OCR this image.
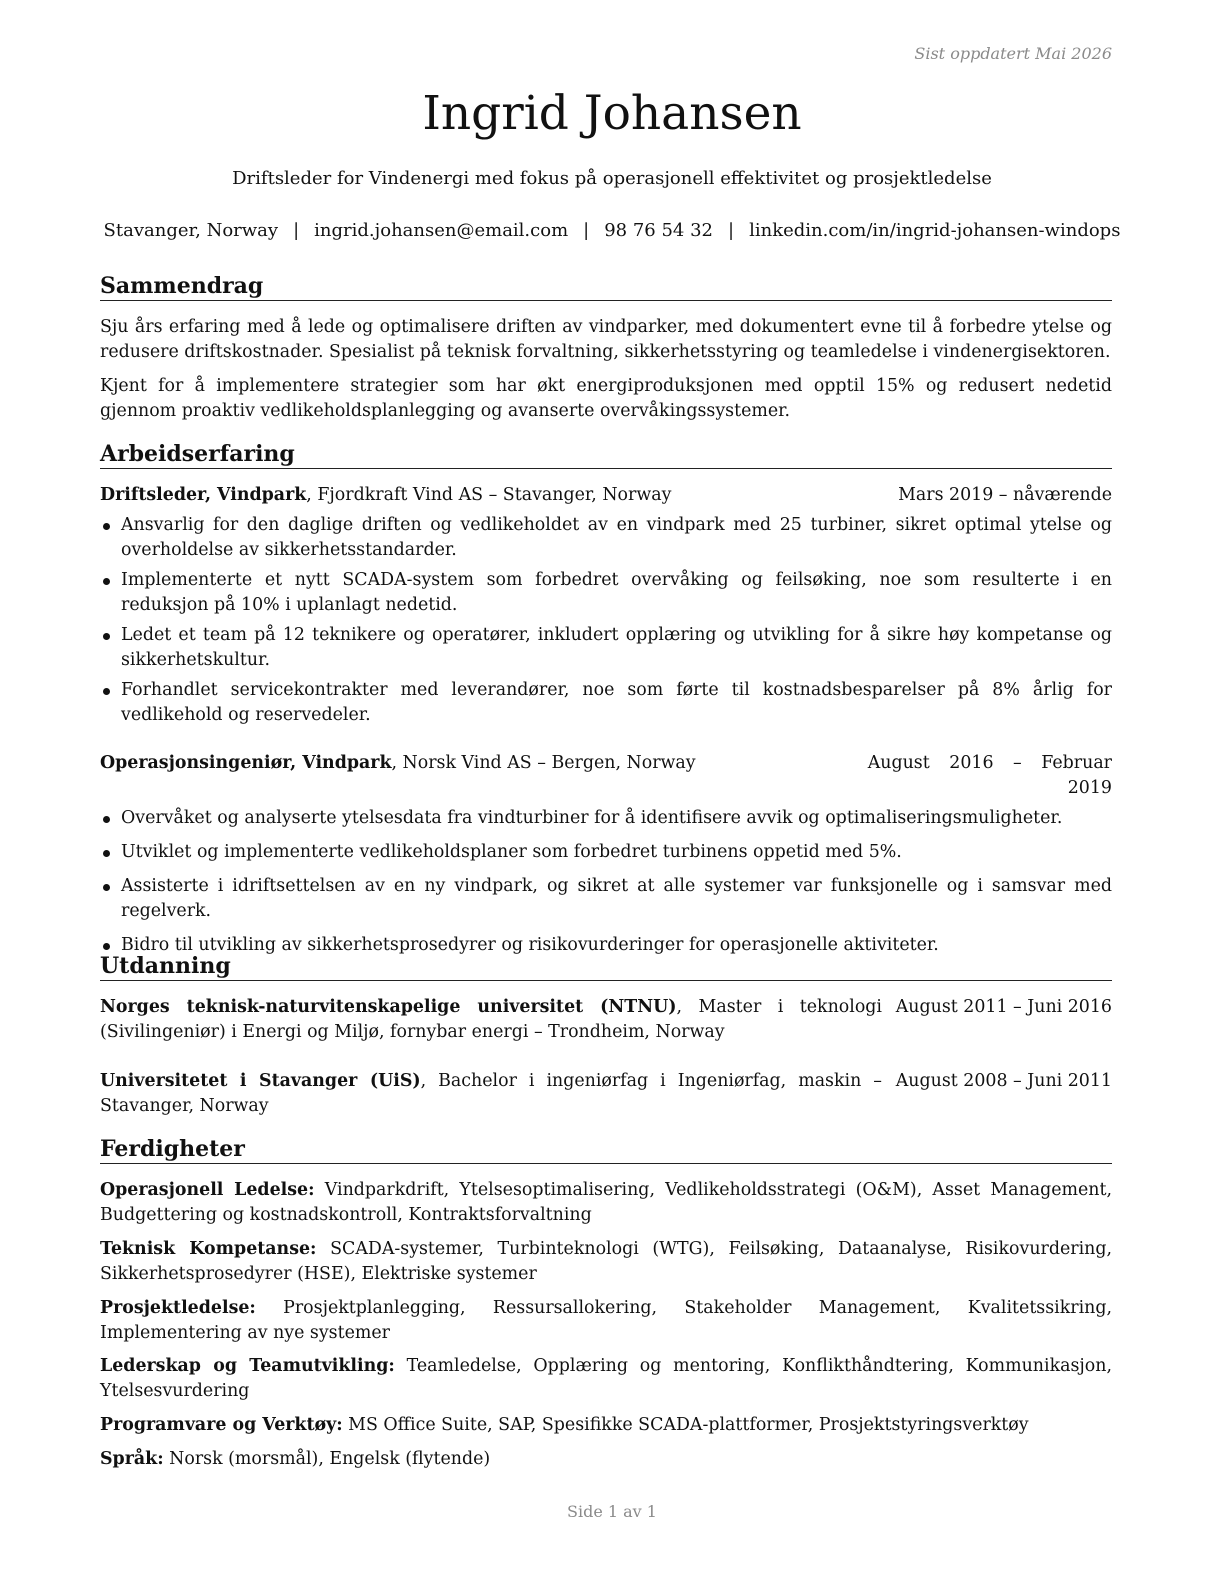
Sist oppdatert Mai 2026
Ingrid Johansen
Driftsleder for Vindenergi med fokus på operasjonell effektivitet og prosjektledelse
Stavanger, Norway | ingrid.johansen@email.com | 98 76 54 32 | linkedin.com/in/ingrid-johansen-windops
Sammendrag
Sju års erfaring med å lede og optimalisere driften av vindparker, med dokumentert evne til å forbedre ytelse og redusere driftskostnader. Spesialist på teknisk forvaltning, sikkerhetsstyring og teamledelse i vindenergisektoren.
Kjent for å implementere strategier som har økt energiproduksjonen med opptil 15% og redusert nedetid gjennom proaktiv vedlikeholdsplanlegging og avanserte overvåkingssystemer.
Arbeidserfaring
Driftsleder, Vindpark, Fjordkraft Vind AS – Stavanger, Norway	Mars 2019 – nåværende
Ansvarlig for den daglige driften og vedlikeholdet av en vindpark med 25 turbiner, sikret optimal ytelse og overholdelse av sikkerhetsstandarder.
Implementerte et nytt SCADA-system som forbedret overvåking og feilsøking, noe som resulterte i en reduksjon på 10% i uplanlagt nedetid.
Ledet et team på 12 teknikere og operatører, inkludert opplæring og utvikling for å sikre høy kompetanse og sikkerhetskultur.
Forhandlet servicekontrakter med leverandører, noe som førte til kostnadsbesparelser på 8% årlig for vedlikehold og reservedeler.
Operasjonsingeniør, Vindpark, Norsk Vind AS – Bergen, Norway	August 2016 – Februar
2019
Overvåket og analyserte ytelsesdata fra vindturbiner for å identifisere avvik og optimaliseringsmuligheter.
Utviklet og implementerte vedlikeholdsplaner som forbedret turbinens oppetid med 5%.
Assisterte i idriftsettelsen av en ny vindpark, og sikret at alle systemer var funksjonelle og i samsvar med regelverk.
Bidro til utvikling av sikkerhetsprosedyrer og risikovurderinger for operasjonelle aktiviteter.
Utdanning
Norges teknisk-naturvitenskapelige universitet (NTNU), Master i teknologi (Sivilingeniør) i Energi og Miljø, fornybar energi – Trondheim, Norway
August 2011 – Juni 2016
Universitetet i Stavanger (UiS), Bachelor i ingeniørfag i Ingeniørfag, maskin – Stavanger, Norway
August 2008 – Juni 2011
Ferdigheter
Operasjonell Ledelse: Vindparkdrift, Ytelsesoptimalisering, Vedlikeholdsstrategi (O&M), Asset Management, Budgettering og kostnadskontroll, Kontraktsforvaltning
Teknisk Kompetanse: SCADA-systemer, Turbinteknologi (WTG), Feilsøking, Dataanalyse, Risikovurdering, Sikkerhetsprosedyrer (HSE), Elektriske systemer
Prosjektledelse: Prosjektplanlegging, Ressursallokering, Stakeholder Management, Kvalitetssikring, Implementering av nye systemer
Lederskap og Teamutvikling: Teamledelse, Opplæring og mentoring, Konflikthåndtering, Kommunikasjon, Ytelsesvurdering
Programvare og Verktøy: MS Office Suite, SAP, Spesifikke SCADA-plattformer, Prosjektstyringsverktøy
Språk: Norsk (morsmål), Engelsk (flytende)
Side 1 av 1
